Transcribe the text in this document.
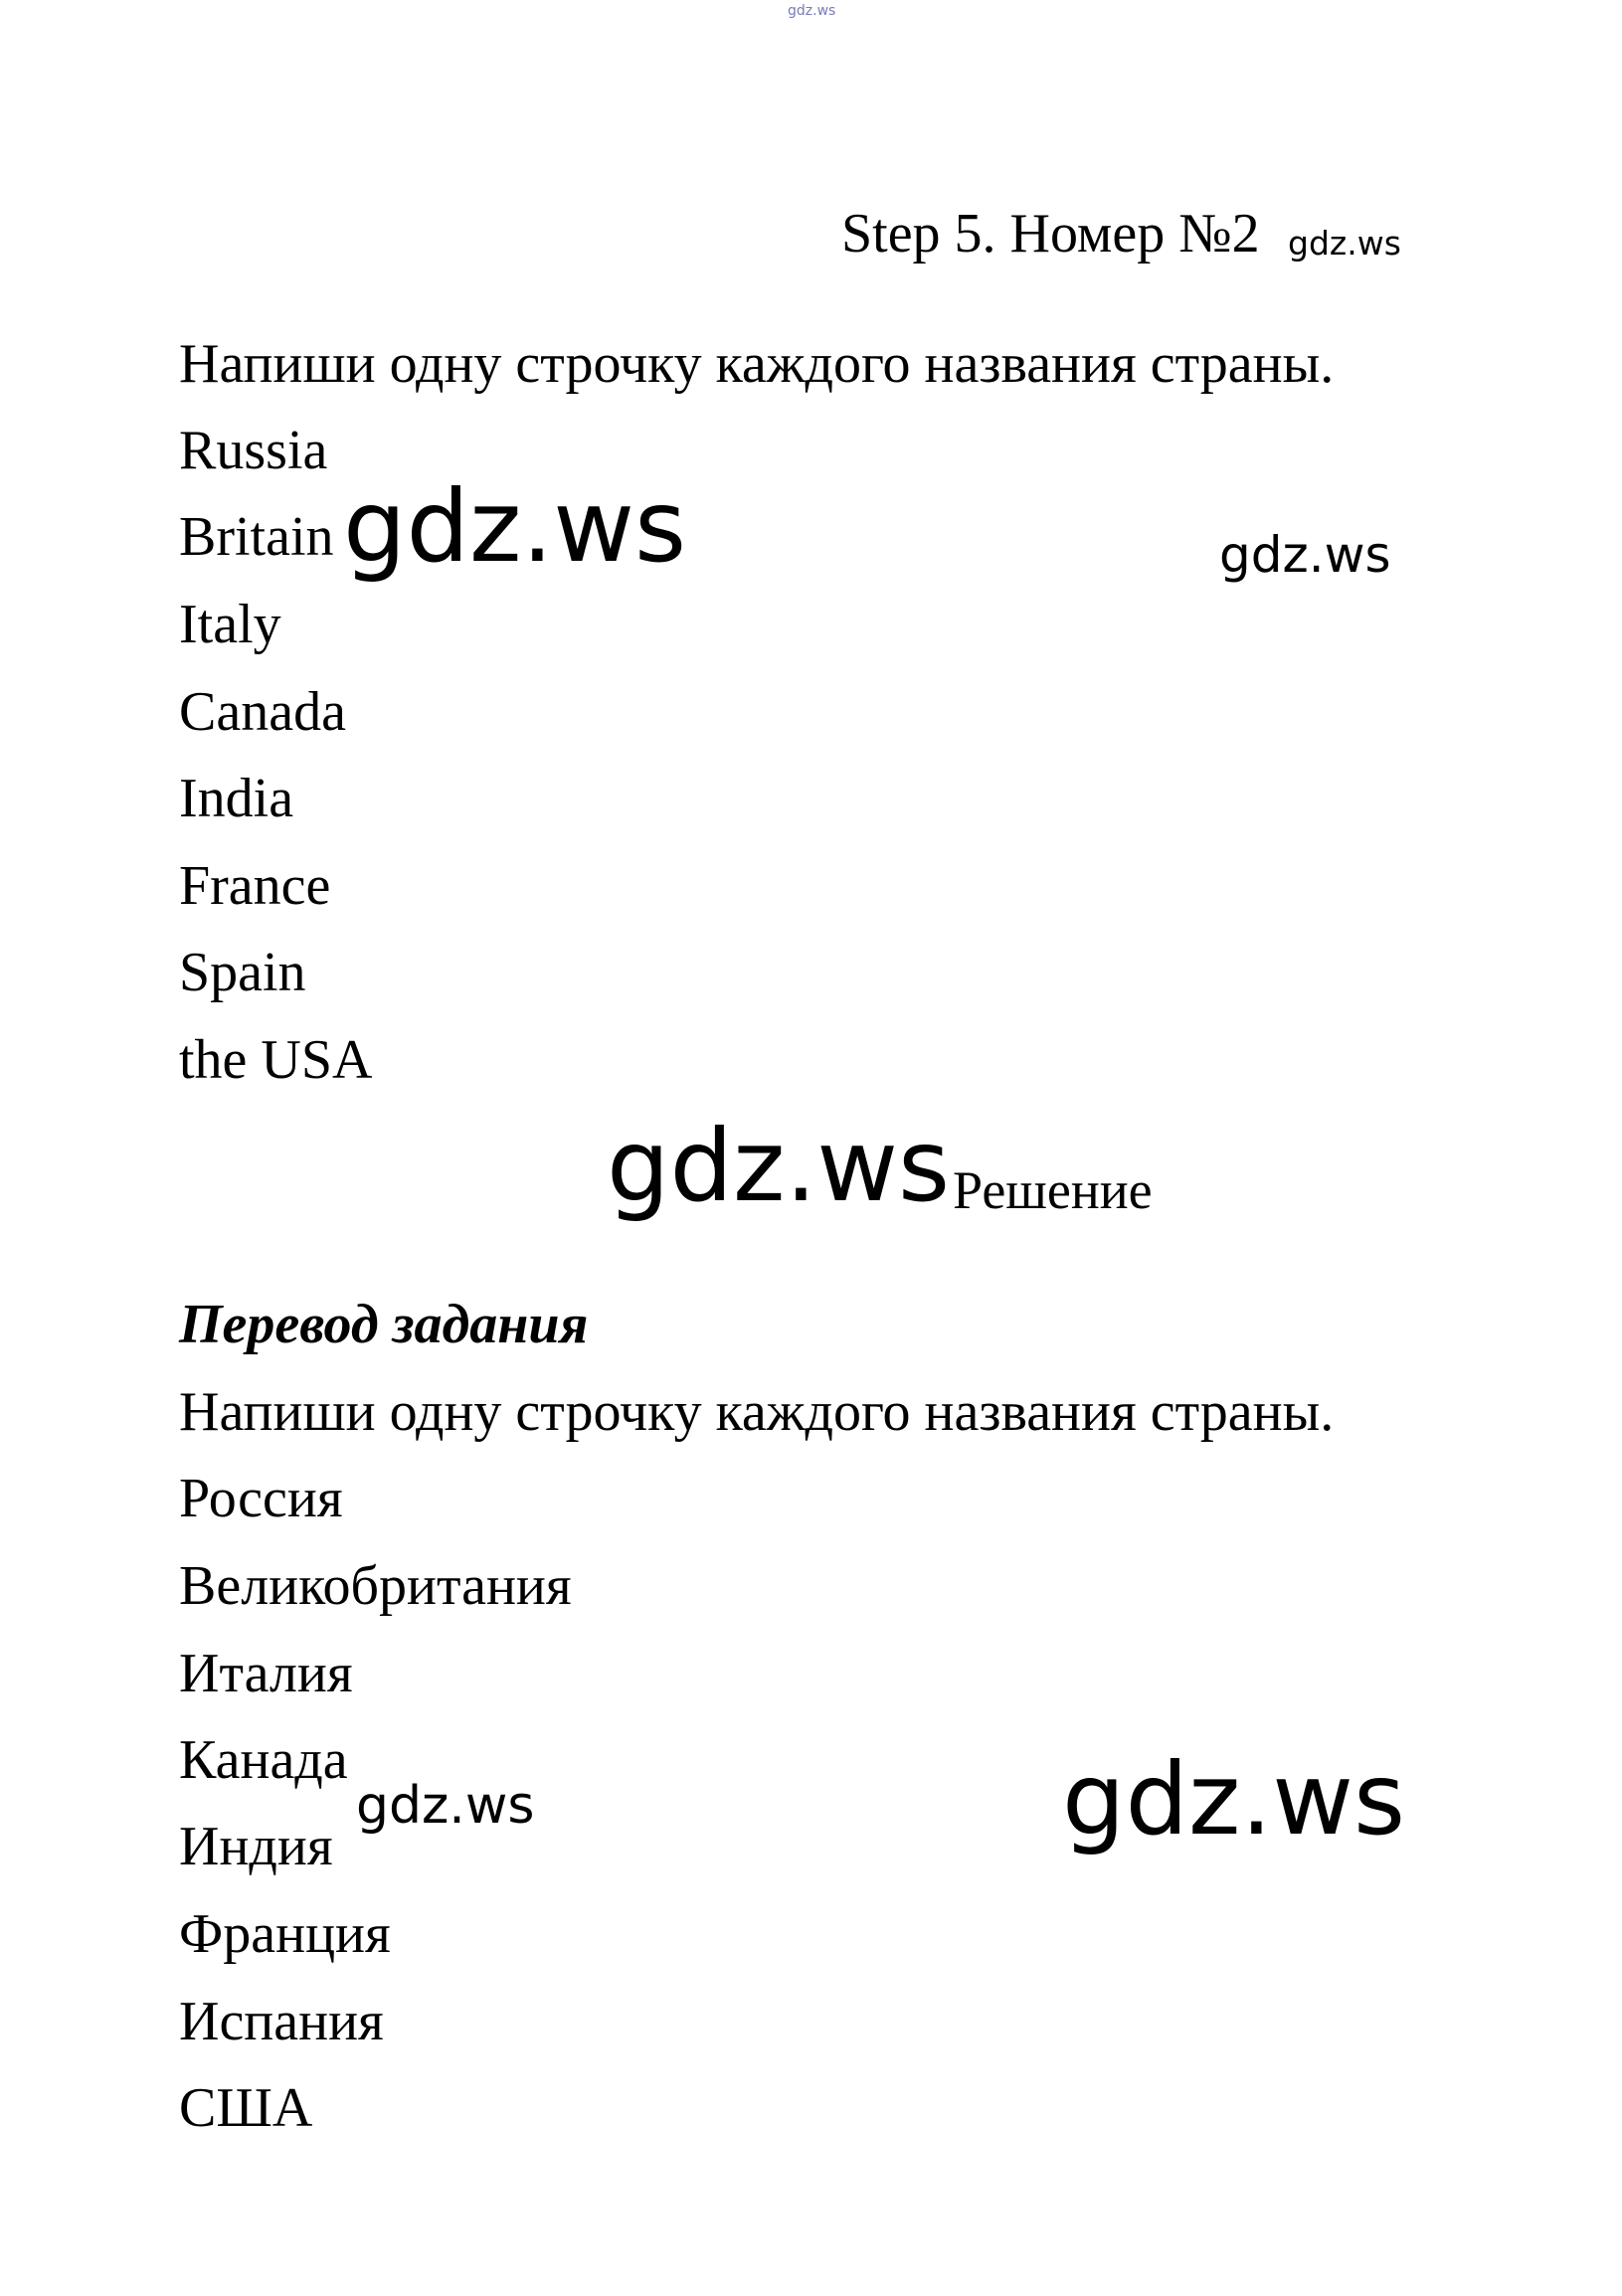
gdz.ws
Step 5. Номер №2 gdz.ws
Напиши одну строчку каждого названия страны.
Russia
Britain
Italy
Canada
India
France
Spain
the USA
gdz.ws	gdz.ws
gdz.ws Решение
Перевод задания
Напиши одну строчку каждого названия страны.
Россия
Великобритания
Италия
Канада
Индия
Франция
Испания
США
gdz.ws	gdz.ws
